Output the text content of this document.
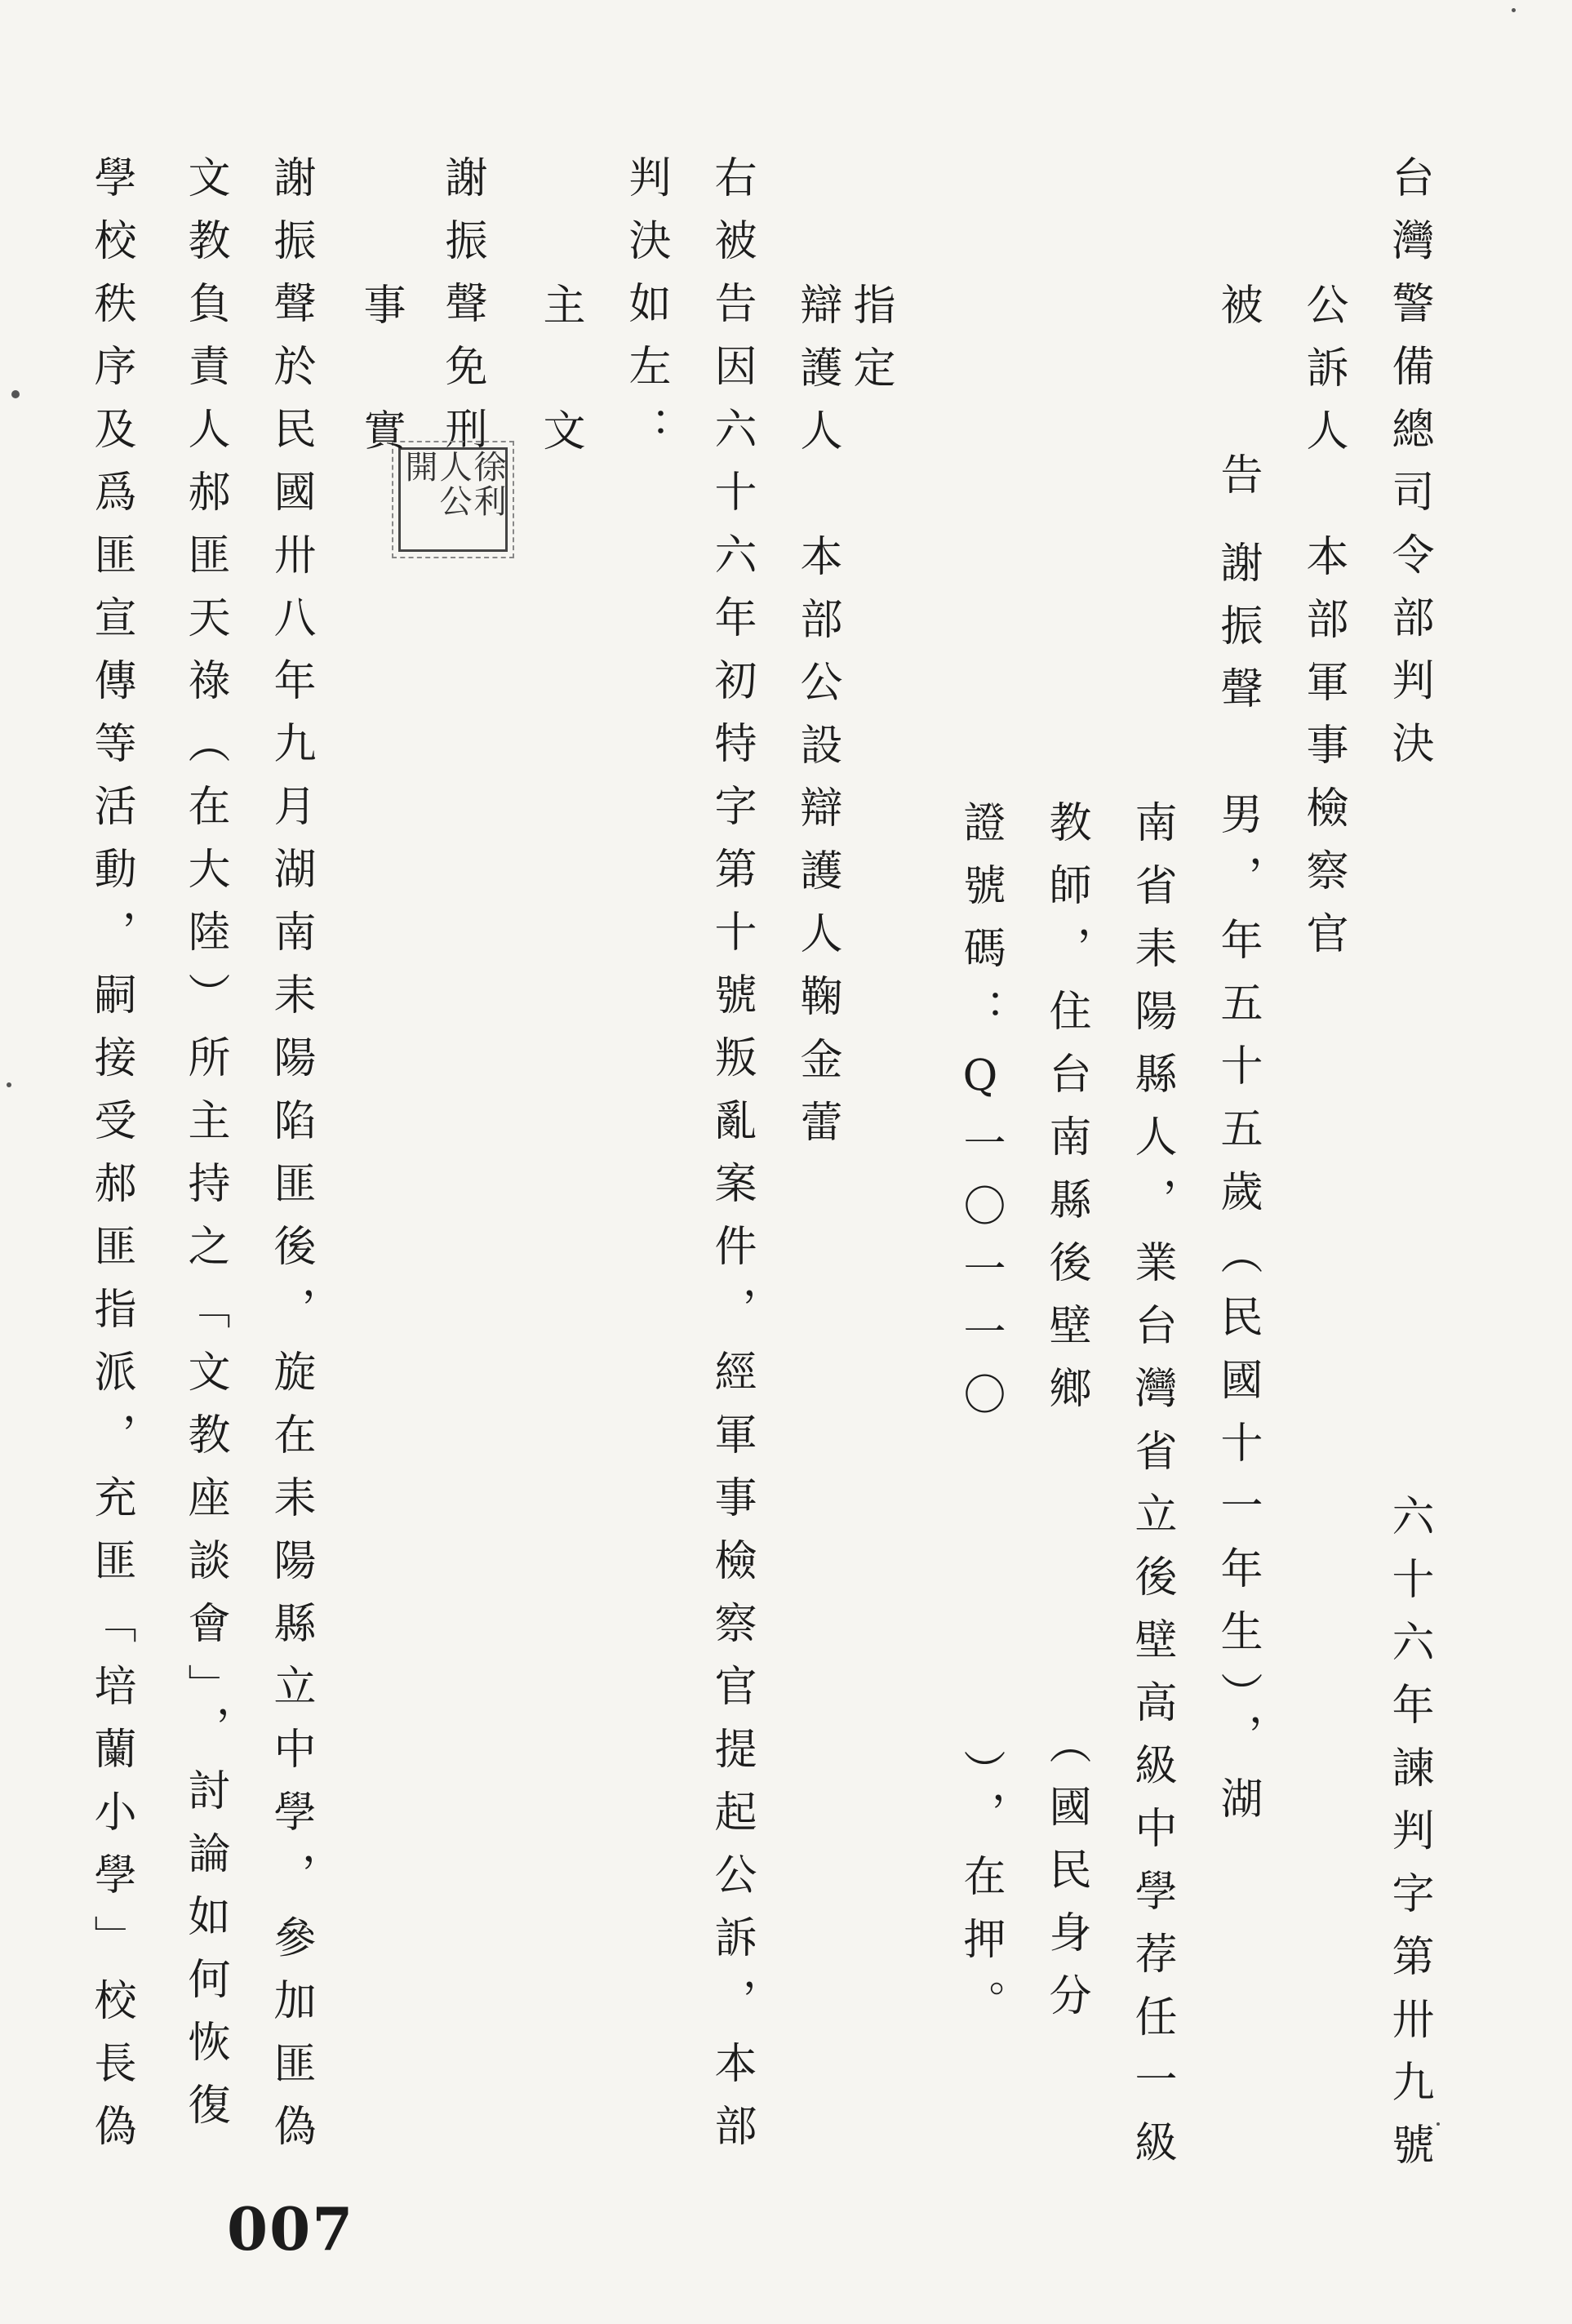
台灣警備總司令部判決
六十六年諫判字第卅九號
公訴人　本部軍事檢察官
被　告
謝振聲　男，年五十五歲（民國十一年生），湖
南省耒陽縣人，業台灣省立後壁高級中學荐任一級
教師，住台南縣後壁鄉　　　　　（國民身分
證號碼：Q一〇一一〇　　　　　），在押。
指定
辯護人　本部公設辯護人鞠金蕾
右被告因六十六年初特字第十號叛亂案件，經軍事檢察官提起公訴，本部
判決如左：
主　文
謝振聲免刑
徐利人公開
事　實
謝振聲於民國卅八年九月湖南耒陽陷匪後，旋在耒陽縣立中學，參加匪偽
文教負責人郝匪天祿（在大陸）所主持之「文教座談會」，討論如何恢復
學校秩序及爲匪宣傳等活動，嗣接受郝匪指派，充匪「培蘭小學」校長偽
007
